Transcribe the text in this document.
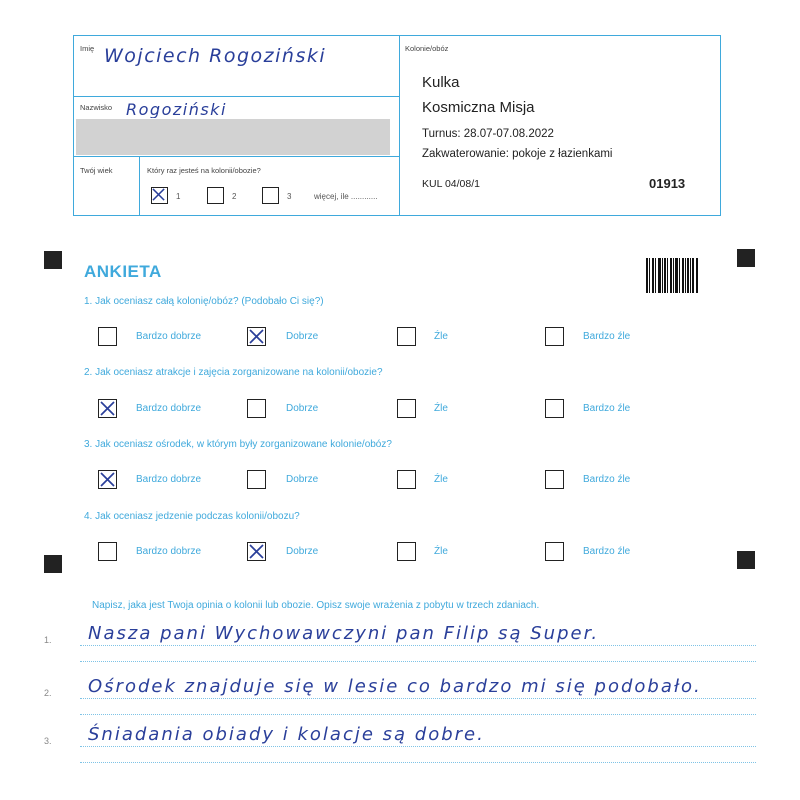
Imię Wojciech Rogoziński
Nazwisko Rogoziński
Twój wiek	Który raz jesteś na kolonii/obozie?
1	2	3	więcej, ile ............
Kolonie/obóz
Kulka
Kosmiczna Misja
Turnus: 28.07-07.08.2022
Zakwaterowanie: pokoje z łazienkami
KUL 04/08/1	01913
ANKIETA
1. Jak oceniasz całą kolonię/obóz? (Podobało Ci się?)
Bardzo dobrze	Dobrze	Źle	Bardzo źle
2. Jak oceniasz atrakcje i zajęcia zorganizowane na kolonii/obozie?
Bardzo dobrze	Dobrze	Źle	Bardzo źle
3. Jak oceniasz ośrodek, w którym były zorganizowane kolonie/obóz?
Bardzo dobrze	Dobrze	Źle	Bardzo źle
4. Jak oceniasz jedzenie podczas kolonii/obozu?
Bardzo dobrze	Dobrze	Źle	Bardzo źle
Napisz, jaka jest Twoja opinia o kolonii lub obozie. Opisz swoje wrażenia z pobytu w trzech zdaniach.
1. Nasza pani Wychowawczyni pan Filip są Super.
2. Ośrodek znajduje się w lesie co bardzo mi się podobało.
3. Śniadania obiady i kolacje są dobre.
